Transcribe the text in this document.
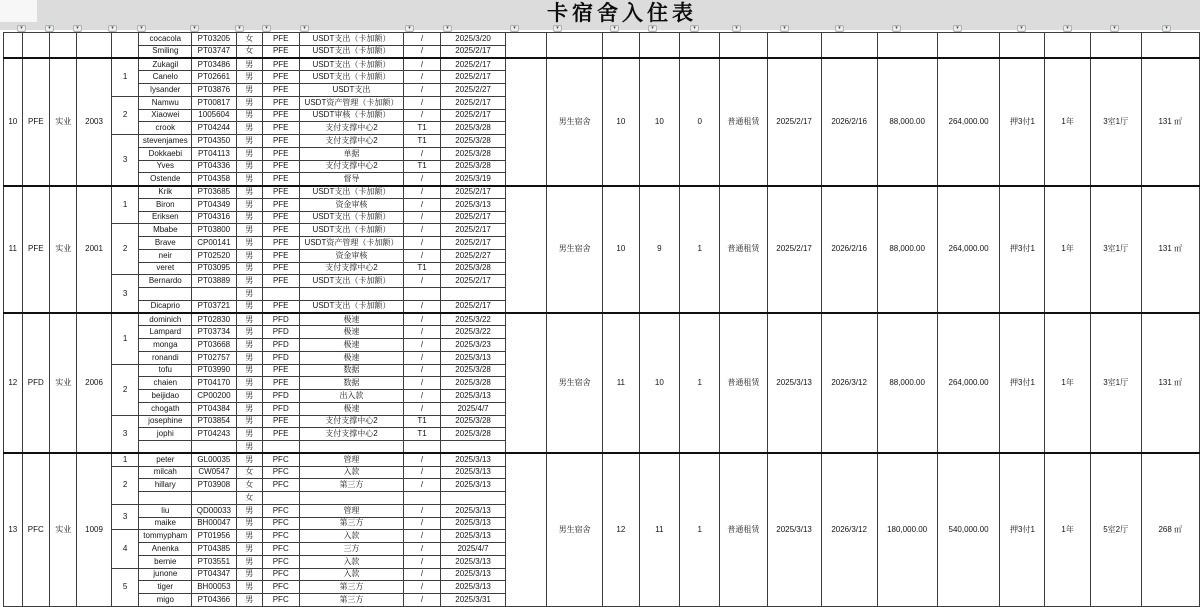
卡宿舍入住表
					cocacola	PT03205	女	PFE	USDT支出（卡加额）	/	2025/3/20														
					Smiling	PT03747	女	PFE	USDT支出（卡加额）	/	2025/2/17														
10	PFE	实业	2003	1	Zukagil	PT03486	男	PFE	USDT支出（卡加额）	/	2025/2/17		男生宿舍	10	10	0	普通租赁	2025/2/17	2026/2/16	88,000.00	264,000.00	押3付1	1年	3室1厅	131 ㎡
					Canelo	PT02661	男	PFE	USDT支出（卡加额）	/	2025/2/17														
					lysander	PT03876	男	PFE	USDT支出	/	2025/2/27														
				2	Namwu	PT00817	男	PFE	USDT资产管理（卡加额）	/	2025/2/17														
					Xiaowei	1005604	男	PFE	USDT审核（卡加额）	/	2025/2/17														
					crook	PT04244	男	PFE	支付支撑中心2	T1	2025/3/28														
				3	stevenjames	PT04350	男	PFE	支付支撑中心2	T1	2025/3/28														
					Dokkaebi	PT04113	男	PFE	单据	/	2025/3/28														
					Yves	PT04336	男	PFE	支付支撑中心2	T1	2025/3/28														
					Ostende	PT04358	男	PFE	督导	/	2025/3/19														
11	PFE	实业	2001	1	Krik	PT03685	男	PFE	USDT支出（卡加额）	/	2025/2/17		男生宿舍	10	9	1	普通租赁	2025/2/17	2026/2/16	88,000.00	264,000.00	押3付1	1年	3室1厅	131 ㎡
					Biron	PT04349	男	PFE	资金审核	/	2025/3/13														
					Eriksen	PT04316	男	PFE	USDT支出（卡加额）	/	2025/2/17														
				2	Mbabe	PT03800	男	PFE	USDT支出（卡加额）	/	2025/2/17														
					Brave	CP00141	男	PFE	USDT资产管理（卡加额）	/	2025/2/17														
					neir	PT02520	男	PFE	资金审核	/	2025/2/27														
					veret	PT03095	男	PFE	支付支撑中心2	T1	2025/3/28														
				3	Bernardo	PT03889	男	PFE	USDT支出（卡加额）	/	2025/2/17														
							男																		
					Dicaprio	PT03721	男	PFE	USDT支出（卡加额）	/	2025/2/17														
12	PFD	实业	2006	1	dominich	PT02830	男	PFD	极速	/	2025/3/22		男生宿舍	11	10	1	普通租赁	2025/3/13	2026/3/12	88,000.00	264,000.00	押3付1	1年	3室1厅	131 ㎡
					Lampard	PT03734	男	PFD	极速	/	2025/3/22														
					monga	PT03668	男	PFD	极速	/	2025/3/23														
					ronandi	PT02757	男	PFD	极速	/	2025/3/13														
				2	tofu	PT03990	男	PFE	数据	/	2025/3/28														
					chaien	PT04170	男	PFE	数据	/	2025/3/28														
					beijidao	CP00200	男	PFD	出入款	/	2025/3/13														
					chogath	PT04384	男	PFD	极速	/	2025/4/7														
				3	josephine	PT03854	男	PFE	支付支撑中心2	T1	2025/3/28														
					jophi	PT04243	男	PFE	支付支撑中心2	T1	2025/3/28														
							男																		
13	PFC	实业	1009	1	peter	GL00035	男	PFC	管理	/	2025/3/13		男生宿舍	12	11	1	普通租赁	2025/3/13	2026/3/12	180,000.00	540,000.00	押3付1	1年	5室2厅	268 ㎡
				2	milcah	CW0547	女	PFC	入款	/	2025/3/13														
					hillary	PT03908	女	PFC	第三方	/	2025/3/13														
							女																		
				3	liu	QD00033	男	PFC	管理	/	2025/3/13														
					maike	BH00047	男	PFC	第三方	/	2025/3/13														
				4	tommypham	PT01956	男	PFC	入款	/	2025/3/13														
					Anenka	PT04385	男	PFC	三方	/	2025/4/7														
					bernie	PT03551	男	PFC	入款	/	2025/3/13														
				5	junone	PT04347	男	PFC	入款	/	2025/3/13														
					tiger	BH00053	男	PFC	第三方	/	2025/3/13														
					migo	PT04366	男	PFC	第三方	/	2025/3/31														
▾	▾	▾	▾	▾	▾	▾	▾	▾	▾	▾	▾	▾	▾	▾	▾	▾	▾	▾	▾	▾	▾	▾	▾	▾
